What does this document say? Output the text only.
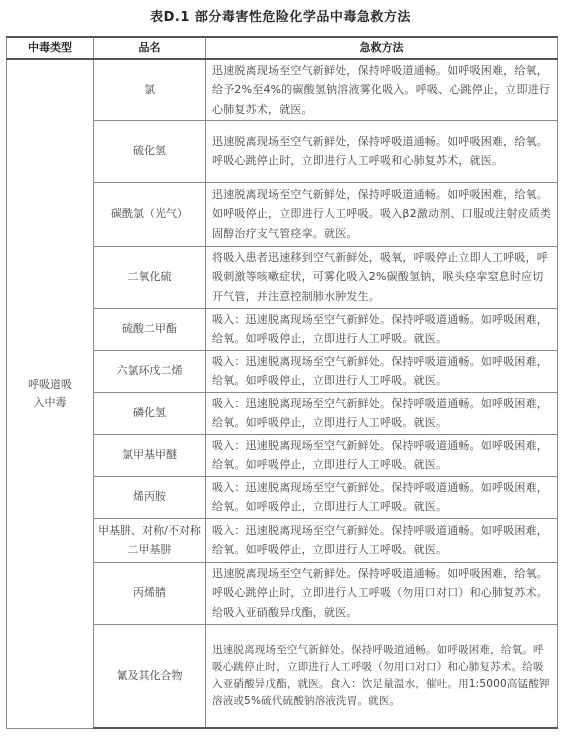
表D.1 部分毒害性危险化学品中毒急救方法
中毒类型	品名	急救方法
呼吸道吸入中毒	氯	迅速脱离现场至空气新鲜处，保持呼吸道通畅。如呼吸困难，给氧，给予2%至4%的碳酸氢钠溶液雾化吸入。呼吸、心跳停止，立即进行心肺复苏术，就医。
	硫化氢	迅速脱离现场至空气新鲜处，保持呼吸道通畅。如呼吸困难，给氧。呼吸心跳停止时，立即进行人工呼吸和心肺复苏术，就医。
	碳酰氯（光气）	迅速脱离现场至空气新鲜处，保持呼吸道通畅。如呼吸困难，给氧。如呼吸停止，立即进行人工呼吸。吸入β2激动剂、口服或注射皮质类固醇治疗支气管痉挛。就医。
	二氧化硫	将吸入患者迅速移到空气新鲜处，吸氧，呼吸停止立即人工呼吸，呼吸刺激等咳嗽症状，可雾化吸入2%碳酸氢钠，喉头痉挛窒息时应切开气管，并注意控制肺水肿发生。
	硫酸二甲酯	吸入：迅速脱离现场至空气新鲜处。保持呼吸道通畅。如呼吸困难，给氧。如呼吸停止，立即进行人工呼吸。就医。
	六氯环戊二烯	吸入：迅速脱离现场至空气新鲜处。保持呼吸道通畅。如呼吸困难，给氧。如呼吸停止，立即进行人工呼吸。就医。
	磷化氢	吸入：迅速脱离现场至空气新鲜处。保持呼吸道通畅。如呼吸困难，给氧。如呼吸停止，立即进行人工呼吸。就医。
	氯甲基甲醚	吸入：迅速脱离现场至空气新鲜处。保持呼吸道通畅。如呼吸困难，给氧。如呼吸停止，立即进行人工呼吸。就医。
	烯丙胺	吸入：迅速脱离现场至空气新鲜处。保持呼吸道通畅。如呼吸困难，给氧。如呼吸停止，立即进行人工呼吸。就医。
	甲基肼、对称/不对称二甲基肼	吸入：迅速脱离现场至空气新鲜处。保持呼吸道通畅。如呼吸困难，给氧。如呼吸停止，立即进行人工呼吸。就医。
	丙烯腈	迅速脱离现场至空气新鲜处。保持呼吸道通畅。如呼吸困难，给氧。呼吸心跳停止时，立即进行人工呼吸（勿用口对口）和心肺复苏术。给吸入亚硝酸异戊酯，就医。
	氰及其化合物	迅速脱离现场至空气新鲜处。保持呼吸道通畅。如呼吸困难，给氧。呼吸心跳停止时，立即进行人工呼吸（勿用口对口）和心肺复苏术。给吸入亚硝酸异戊酯，就医。食入：饮足量温水，催吐。用1:5000高锰酸钾溶液或5%硫代硫酸钠溶液洗胃。就医。
